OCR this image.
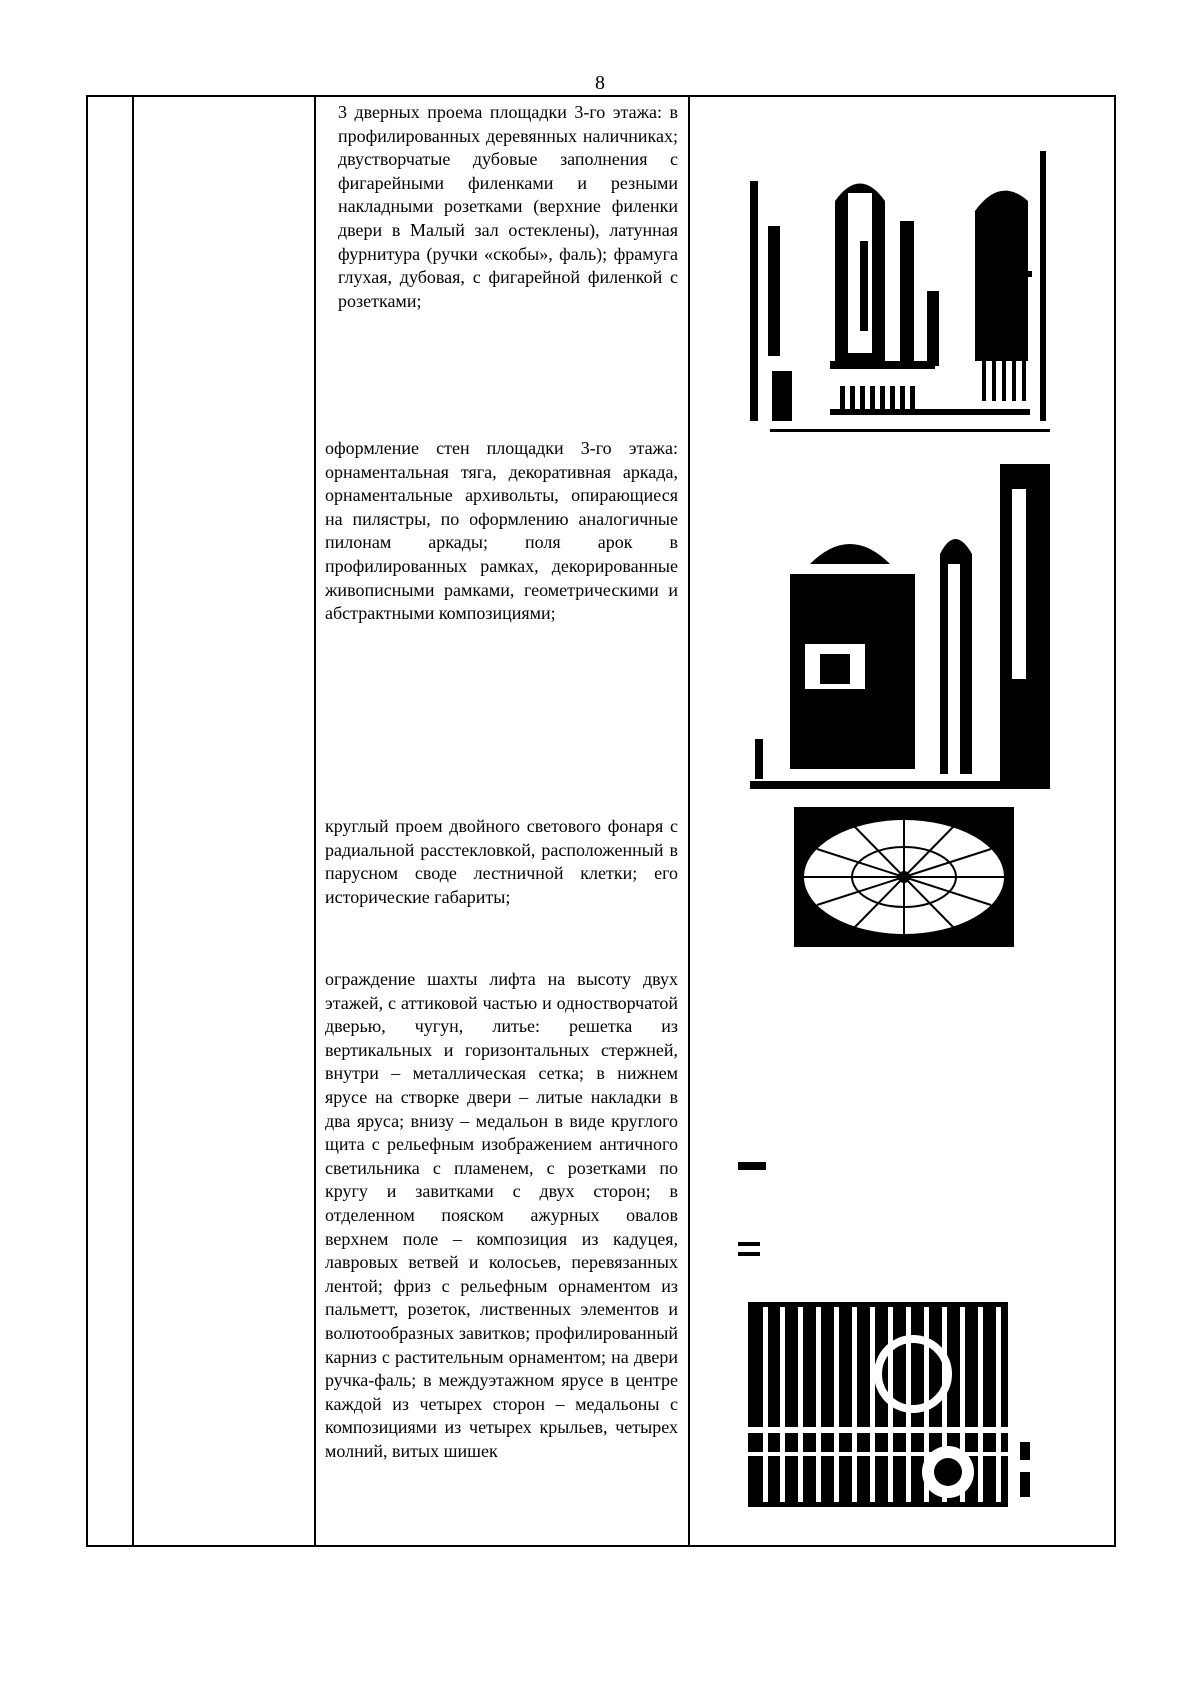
8

3 дверных проема площадки 3-го этажа: в профилированных деревянных наличниках; двустворчатые дубовые заполнения с фигарейными филенками и резными накладными розетками (верхние филенки двери в Малый зал остеклены), латунная фурнитура (ручки «скобы», фаль); фрамуга глухая, дубовая, с фигарейной филенкой с розетками;

оформление стен площадки 3-го этажа: орнаментальная тяга, декоративная аркада, орнаментальные архивольты, опирающиеся на пилястры, по оформлению аналогичные пилонам аркады; поля арок в профилированных рамках, декорированные живописными рамками, геометрическими и абстрактными композициями;

круглый проем двойного светового фонаря с радиальной расстекловкой, расположенный в парусном своде лестничной клетки; его исторические габариты;

ограждение шахты лифта на высоту двух этажей, с аттиковой частью и одностворчатой дверью, чугун, литье: решетка из вертикальных и горизонтальных стержней, внутри – металлическая сетка; в нижнем ярусе на створке двери – литые накладки в два яруса; внизу – медальон в виде круглого щита с рельефным изображением античного светильника с пламенем, с розетками по кругу и завитками с двух сторон; в отделенном пояском ажурных овалов верхнем поле – композиция из кадуцея, лавровых ветвей и колосьев, перевязанных лентой; фриз с рельефным орнаментом из пальметт, розеток, лиственных элементов и волютообразных завитков; профилированный карниз с растительным орнаментом; на двери ручка-фаль; в междуэтажном ярусе в центре каждой из четырех сторон – медальоны с композициями из четырех крыльев, четырех молний, витых шишек
